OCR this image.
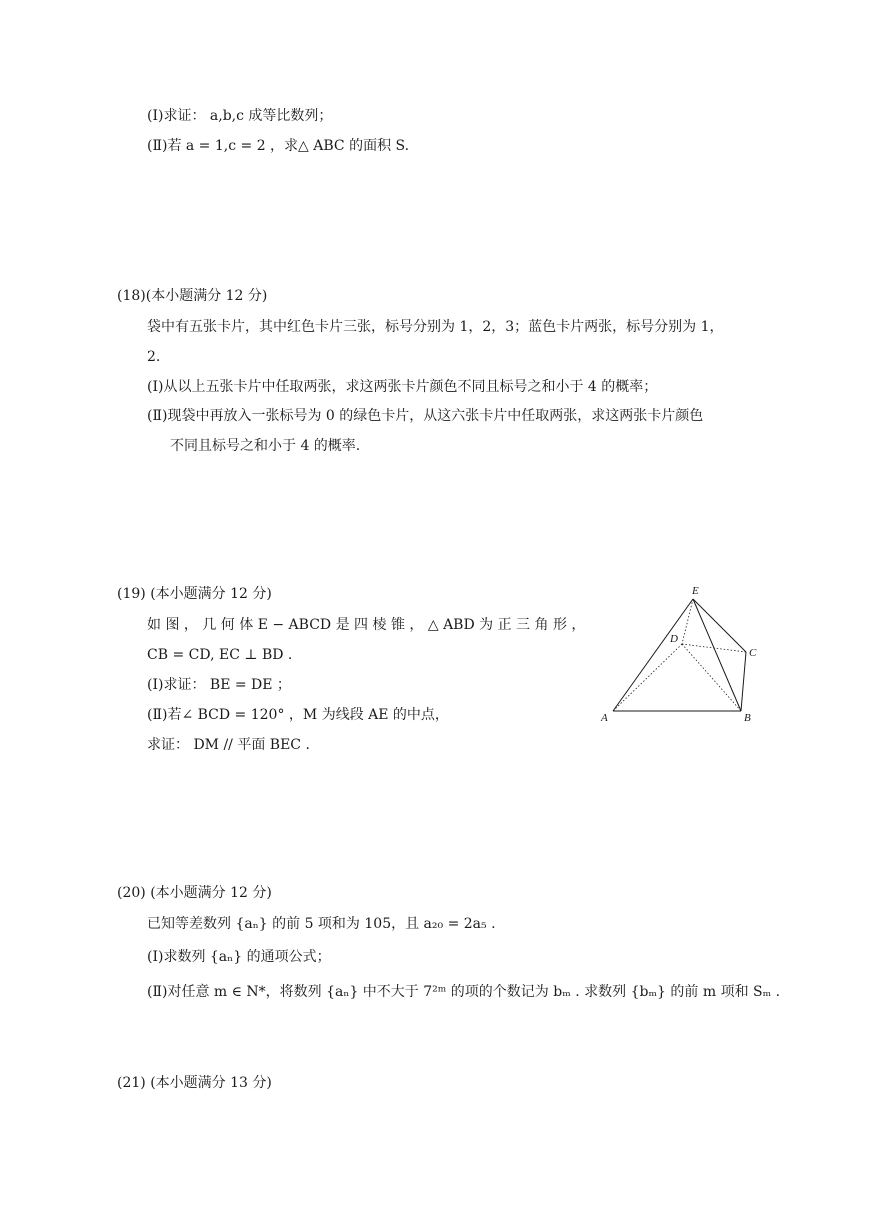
(Ⅰ)求证： a,b,c 成等比数列；
(Ⅱ)若 a = 1,c = 2 ，求△ ABC 的面积 S.
(18)(本小题满分 12 分)
袋中有五张卡片，其中红色卡片三张，标号分别为 1，2，3；蓝色卡片两张，标号分别为 1，
2.
(Ⅰ)从以上五张卡片中任取两张，求这两张卡片颜色不同且标号之和小于 4 的概率；
(Ⅱ)现袋中再放入一张标号为 0 的绿色卡片，从这六张卡片中任取两张，求这两张卡片颜色
不同且标号之和小于 4 的概率.
(19) (本小题满分 12 分)
如 图 ， 几 何 体 E − ABCD 是 四 棱 锥 ， △ ABD 为 正 三 角 形 ，
CB = CD, EC ⊥ BD .
(Ⅰ)求证： BE = DE ；
(Ⅱ)若∠ BCD = 120° ，M 为线段 AE 的中点，
求证： DM // 平面 BEC .
E
D
C
A	B
(20) (本小题满分 12 分)
已知等差数列 {aₙ} 的前 5 项和为 105，且 a₂₀ = 2a₅ .
(Ⅰ)求数列 {aₙ} 的通项公式；
(Ⅱ)对任意 m ∈ N*，将数列 {aₙ} 中不大于 7²ᵐ 的项的个数记为 bₘ . 求数列 {bₘ} 的前 m 项和 Sₘ .
(21) (本小题满分 13 分)
